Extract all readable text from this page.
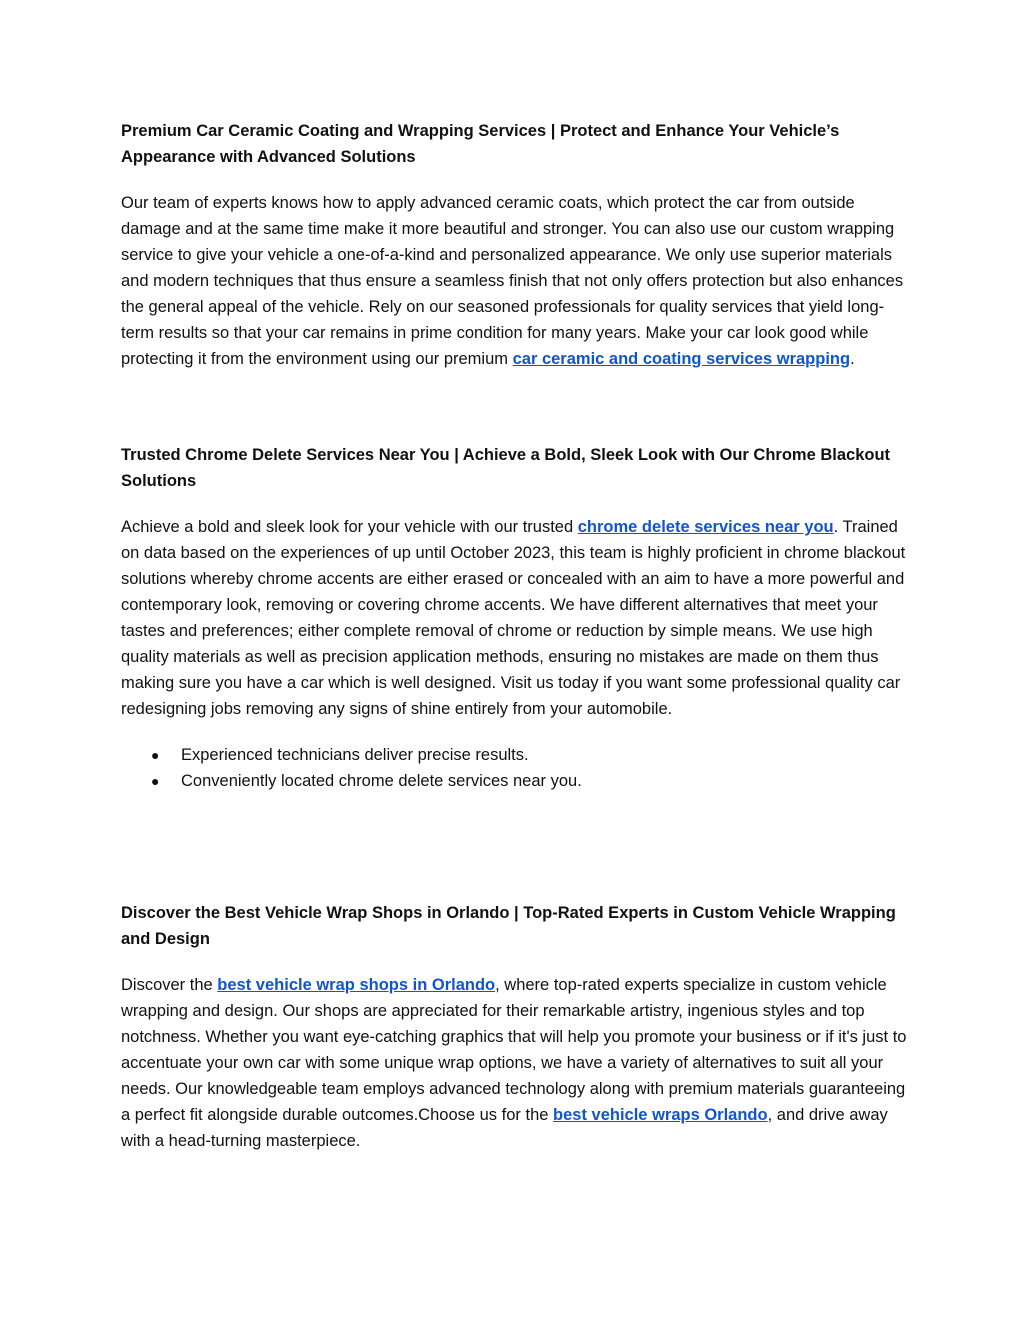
Premium Car Ceramic Coating and Wrapping Services | Protect and Enhance Your Vehicle’s Appearance with Advanced Solutions

Our team of experts knows how to apply advanced ceramic coats, which protect the car from outside damage and at the same time make it more beautiful and stronger. You can also use our custom wrapping service to give your vehicle a one-of-a-kind and personalized appearance. We only use superior materials and modern techniques that thus ensure a seamless finish that not only offers protection but also enhances the general appeal of the vehicle. Rely on our seasoned professionals for quality services that yield long-term results so that your car remains in prime condition for many years. Make your car look good while protecting it from the environment using our premium car ceramic and coating services wrapping.

Trusted Chrome Delete Services Near You | Achieve a Bold, Sleek Look with Our Chrome Blackout Solutions

Achieve a bold and sleek look for your vehicle with our trusted chrome delete services near you. Trained on data based on the experiences of up until October 2023, this team is highly proficient in chrome blackout solutions whereby chrome accents are either erased or concealed with an aim to have a more powerful and contemporary look, removing or covering chrome accents. We have different alternatives that meet your tastes and preferences; either complete removal of chrome or reduction by simple means. We use high quality materials as well as precision application methods, ensuring no mistakes are made on them thus making sure you have a car which is well designed. Visit us today if you want some professional quality car redesigning jobs removing any signs of shine entirely from your automobile.

● Experienced technicians deliver precise results.
● Conveniently located chrome delete services near you.
Discover the Best Vehicle Wrap Shops in Orlando | Top-Rated Experts in Custom Vehicle Wrapping and Design

Discover the best vehicle wrap shops in Orlando, where top-rated experts specialize in custom vehicle wrapping and design. Our shops are appreciated for their remarkable artistry, ingenious styles and top notchness. Whether you want eye-catching graphics that will help you promote your business or if it's just to accentuate your own car with some unique wrap options, we have a variety of alternatives to suit all your needs. Our knowledgeable team employs advanced technology along with premium materials guaranteeing a perfect fit alongside durable outcomes.Choose us for the best vehicle wraps Orlando, and drive away with a head-turning masterpiece.
